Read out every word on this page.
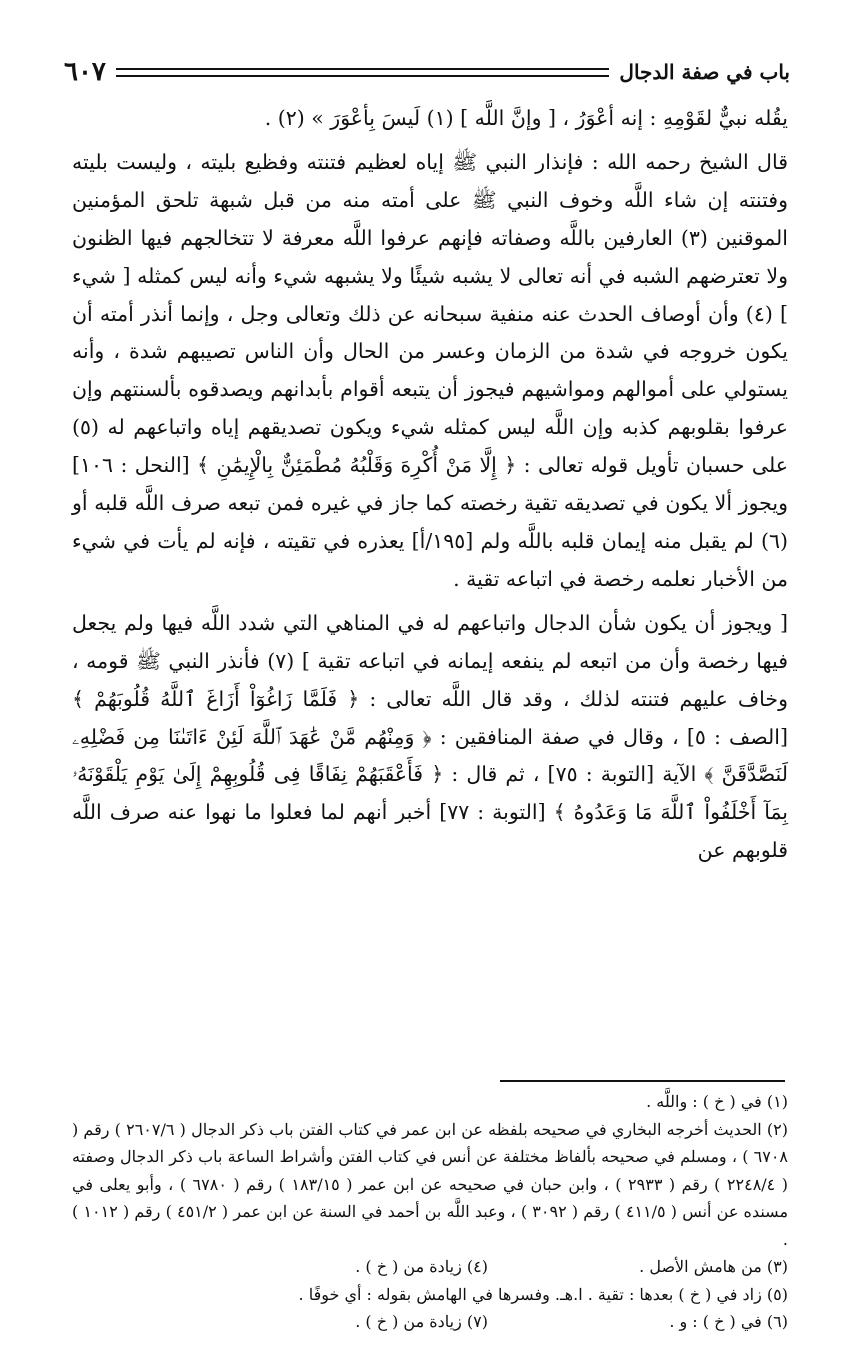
باب في صفة الدجال
٦٠٧

يقُله نبيٌّ لقَوْمِهِ : إنه أعْوَرُ ، [ وإنَّ اللَّه ] (١) لَيسَ بِأعْوَرَ » (٢) .

قال الشيخ رحمه الله : فإنذار النبي ﷺ إياه لعظيم فتنته وفظيع بليته ، وليست بليته وفتنته إن شاء اللَّه وخوف النبي ﷺ على أمته منه من قبل شبهة تلحق المؤمنين الموقنين (٣) العارفين باللَّه وصفاته فإنهم عرفوا اللَّه معرفة لا تتخالجهم فيها الظنون ولا تعترضهم الشبه في أنه تعالى لا يشبه شيئًا ولا يشبهه شيء وأنه ليس كمثله [ شيء ] (٤) وأن أوصاف الحدث عنه منفية سبحانه عن ذلك وتعالى وجل ، وإنما أنذر أمته أن يكون خروجه في شدة من الزمان وعسر من الحال وأن الناس تصيبهم شدة ، وأنه يستولي على أموالهم ومواشيهم فيجوز أن يتبعه أقوام بأبدانهم ويصدقوه بألسنتهم وإن عرفوا بقلوبهم كذبه وإن اللَّه ليس كمثله شيء ويكون تصديقهم إياه واتباعهم له (٥) على حسبان تأويل قوله تعالى : ﴿ إِلَّا مَنْ أُكْرِهَ وَقَلْبُهُ مُطْمَئِنٌّ بِالْإِيمَٰنِ ﴾ [النحل : ١٠٦] ويجوز ألا يكون في تصديقه تقية رخصته كما جاز في غيره فمن تبعه صرف اللَّه قلبه أو (٦) لم يقبل منه إيمان قلبه باللَّه ولم [١٩٥/أ] يعذره في تقيته ، فإنه لم يأت في شيء من الأخبار نعلمه رخصة في اتباعه تقية .

[ ويجوز أن يكون شأن الدجال واتباعهم له في المناهي التي شدد اللَّه فيها ولم يجعل فيها رخصة وأن من اتبعه لم ينفعه إيمانه في اتباعه تقية ] (٧) فأنذر النبي ﷺ قومه ، وخاف عليهم فتنته لذلك ، وقد قال اللَّه تعالى : ﴿ فَلَمَّا زَاغُوٓاْ أَزَاغَ ٱللَّهُ قُلُوبَهُمْ ﴾ [الصف : ٥] ، وقال في صفة المنافقين : ﴿ وَمِنْهُم مَّنْ عَٰهَدَ ٱللَّهَ لَئِنْ ءَاتَىٰنَا مِن فَضْلِهِۦ لَنَصَّدَّقَنَّ ﴾ الآية [التوبة : ٧٥] ، ثم قال : ﴿ فَأَعْقَبَهُمْ نِفَاقًا فِى قُلُوبِهِمْ إِلَىٰ يَوْمِ يَلْقَوْنَهُۥ بِمَآ أَخْلَفُواْ ٱللَّهَ مَا وَعَدُوهُ ﴾ [التوبة : ٧٧] أخبر أنهم لما فعلوا ما نهوا عنه صرف اللَّه قلوبهم عن

(١) في ( خ ) : واللَّه .

(٢) الحديث أخرجه البخاري في صحيحه بلفظه عن ابن عمر في كتاب الفتن باب ذكر الدجال ( ٢٦٠٧/٦ ) رقم ( ٦٧٠٨ ) ، ومسلم في صحيحه بألفاظ مختلفة عن أنس في كتاب الفتن وأشراط الساعة باب ذكر الدجال وصفته ( ٢٢٤٨/٤ ) رقم ( ٢٩٣٣ ) ، وابن حبان في صحيحه عن ابن عمر ( ١٨٣/١٥ ) رقم ( ٦٧٨٠ ) ، وأبو يعلى في مسنده عن أنس ( ٤١١/٥ ) رقم ( ٣٠٩٢ ) ، وعبد اللَّه بن أحمد في السنة عن ابن عمر ( ٤٥١/٢ ) رقم ( ١٠١٢ ) .

(٣) من هامش الأصل .

(٤) زيادة من ( خ ) .

(٥) زاد في ( خ ) بعدها : تقية . ا.هـ. وفسرها في الهامش بقوله : أي خوفًا .

(٦) في ( خ ) : و .

(٧) زيادة من ( خ ) .
